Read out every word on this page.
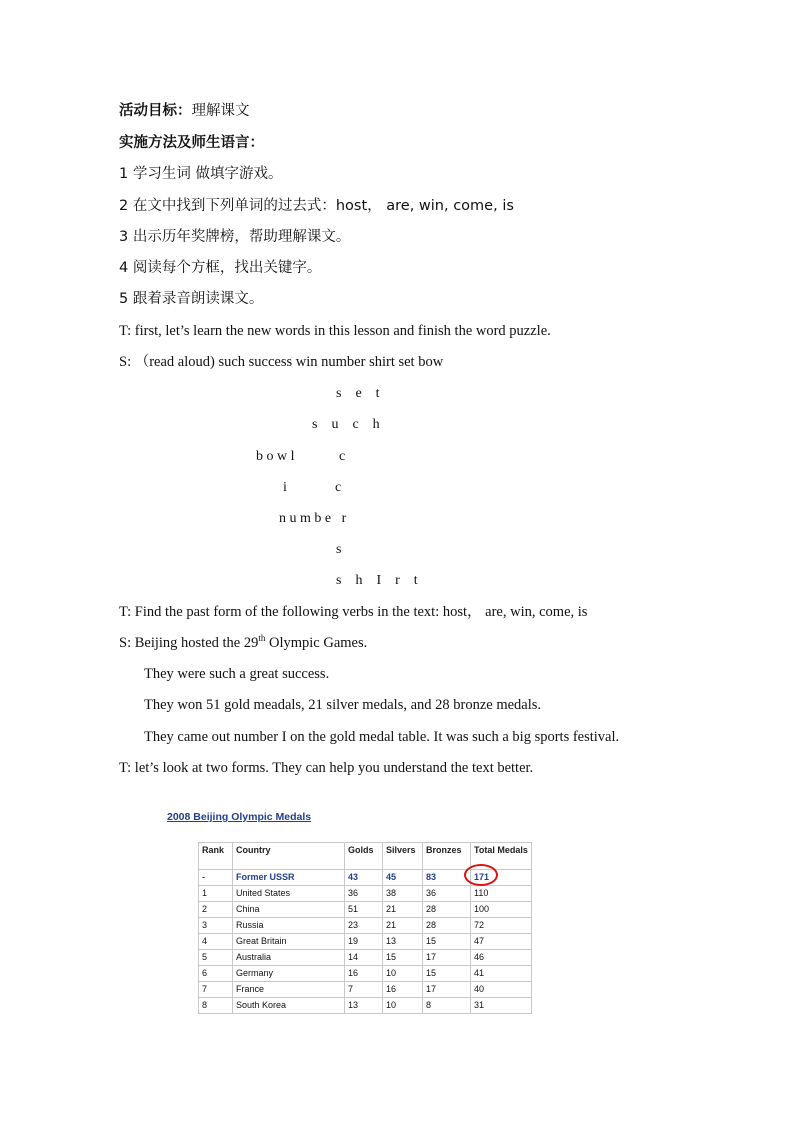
活动目标：理解课文
实施方法及师生语言：
1 学习生词 做填字游戏。
2 在文中找到下列单词的过去式：host， are, win, come, is
3 出示历年奖牌榜，帮助理解课文。
4 阅读每个方框，找出关键字。
5 跟着录音朗读课文。
T: first, let’s learn the new words in this lesson and finish the word puzzle.
S: （read aloud) such success win number shirt set bow
s    e    t
s    u    c    h
b o w l	c
i	c
n u m b e   r
s
s    h    I    r    t
T: Find the past form of the following verbs in the text: host， are, win, come, is
S: Beijing hosted the 29th Olympic Games.
They were such a great success.
They won 51 gold meadals, 21 silver medals, and 28 bronze medals.
They came out number I on the gold medal table. It was such a big sports festival.
T: let’s look at two forms. They can help you understand the text better.
2008 Beijing Olympic Medals
Rank	Country	Golds	Silvers	Bronzes	Total Medals
-	Former USSR	43	45	83	171
1	United States	36	38	36	110
2	China	51	21	28	100
3	Russia	23	21	28	72
4	Great Britain	19	13	15	47
5	Australia	14	15	17	46
6	Germany	16	10	15	41
7	France	7	16	17	40
8	South Korea	13	10	8	31
